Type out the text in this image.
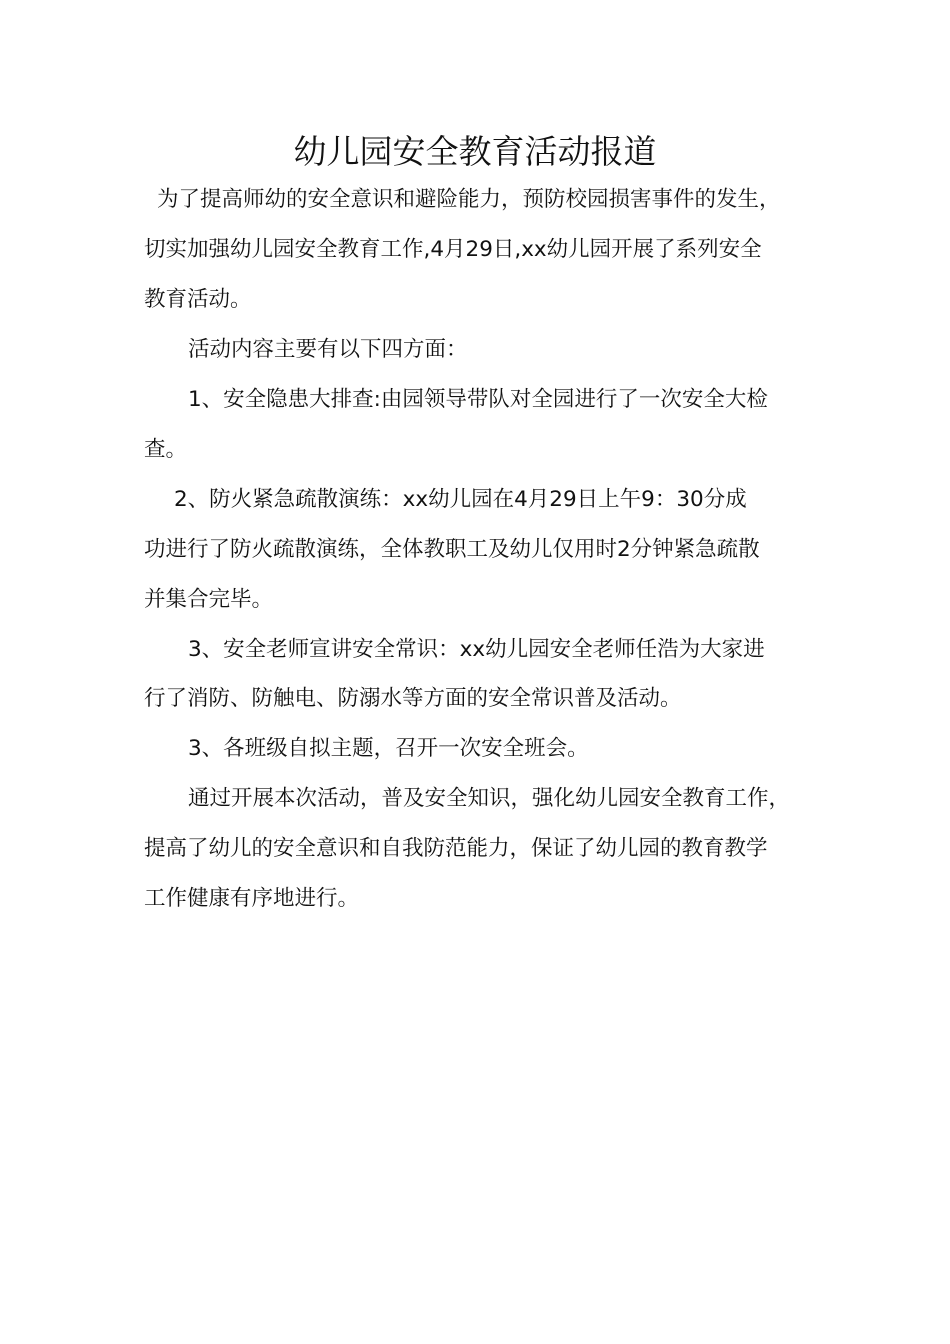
幼儿园安全教育活动报道

为了提高师幼的安全意识和避险能力，预防校园损害事件的发生，

切实加强幼儿园安全教育工作,4月29日,xx幼儿园开展了系列安全

教育活动。

活动内容主要有以下四方面：

1、安全隐患大排查:由园领导带队对全园进行了一次安全大检

查。

2、防火紧急疏散演练：xx幼儿园在4月29日上午9：30分成

功进行了防火疏散演练，全体教职工及幼儿仅用时2分钟紧急疏散

并集合完毕。

3、安全老师宣讲安全常识：xx幼儿园安全老师任浩为大家进

行了消防、防触电、防溺水等方面的安全常识普及活动。

3、各班级自拟主题，召开一次安全班会。

通过开展本次活动，普及安全知识，强化幼儿园安全教育工作，

提高了幼儿的安全意识和自我防范能力，保证了幼儿园的教育教学

工作健康有序地进行。
